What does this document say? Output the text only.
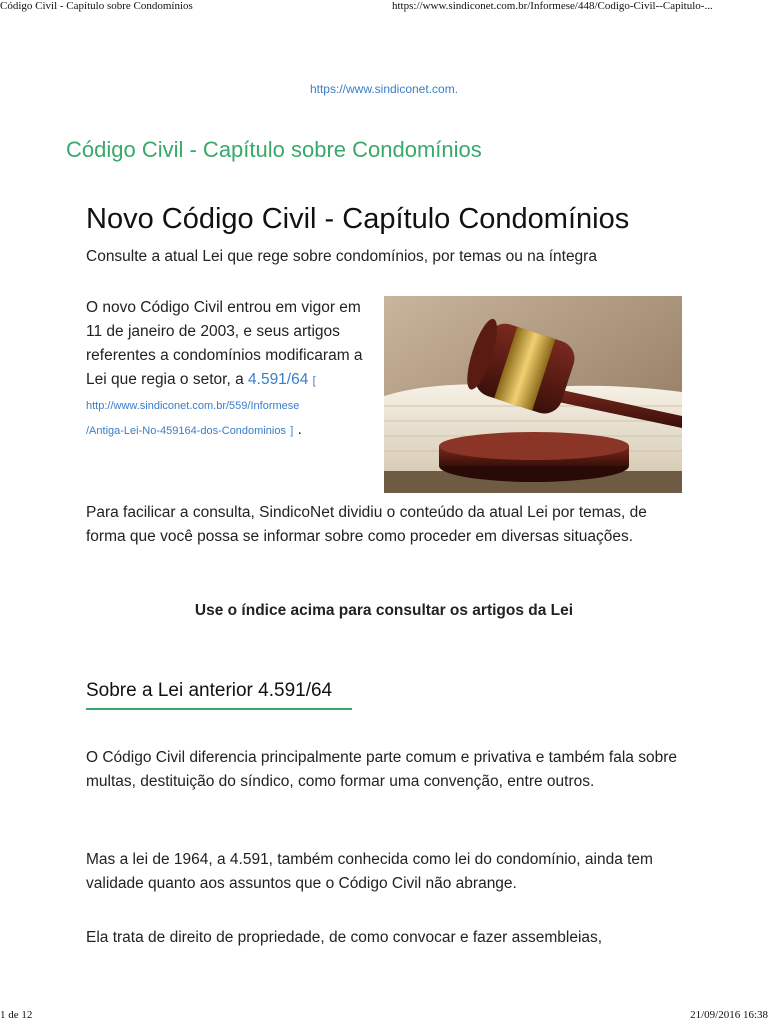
Código Civil - Capítulo sobre Condomínios	https://www.sindiconet.com.br/Informese/448/Codigo-Civil--Capitulo-...
https://www.sindiconet.com.
Código Civil - Capítulo sobre Condomínios
Novo Código Civil - Capítulo Condomínios

Consulte a atual Lei que rege sobre condomínios, por temas ou na íntegra

O novo Código Civil entrou em vigor em 11 de janeiro de 2003, e seus artigos referentes a condomínios modificaram a Lei que regia o setor, a 4.591/64 [ http://www.sindiconet.com.br/559/Informese
/Antiga-Lei-No-459164-dos-Condominios ] .

Para facilicar a consulta, SindicoNet dividiu o conteúdo da atual Lei por temas, de forma que você possa se informar sobre como proceder em diversas situações.

Use o índice acima para consultar os artigos da Lei

Sobre a Lei anterior 4.591/64

O Código Civil diferencia principalmente parte comum e privativa e também fala sobre multas, destituição do síndico, como formar uma convenção, entre outros.

Mas a lei de 1964, a 4.591, também conhecida como lei do condomínio, ainda tem validade quanto aos assuntos que o Código Civil não abrange.

Ela trata de direito de propriedade, de como convocar e fazer assembleias,

1 de 12	21/09/2016 16:38
